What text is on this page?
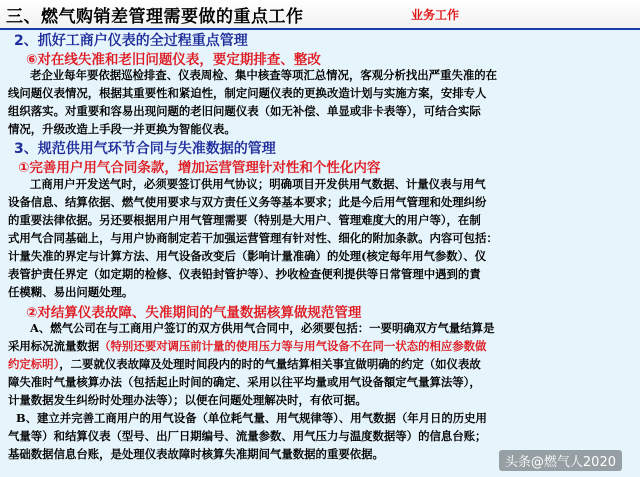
三、燃气购销差管理需要做的重点工作	业务工作
2、抓好工商户仪表的全过程重点管理
⑥对在线失准和老旧问题仪表，要定期排查、整改
老企业每年要依据巡检排查、仪表周检、集中核查等项汇总情况，客观分析找出严重失准的在
线问题仪表情况，根据其重要性和紧迫性，制定问题仪表的更换改造计划与实施方案，安排专人
组织落实。对重要和容易出现问题的老旧问题仪表（如无补偿、单显或非卡表等），可结合实际
情况，升级改造上手段一并更换为智能仪表。
3、规范供用气环节合同与失准数据的管理
①完善用户用气合同条款，增加运营管理针对性和个性化内容
工商用户开发送气时，必须要签订供用气协议；明确项目开发供用气数据、计量仪表与用气
设备信息、结算依据、燃气使用要求与双方责任义务等基本要求；此是今后用气管理和处理纠纷
的重要法律依据。另还要根据用户用气管理需要（特别是大用户、管理难度大的用户等），在制
式用气合同基础上，与用户协商制定若干加强运营管理有针对性、细化的附加条款。内容可包括：
计量失准的界定与计算方法、用气设备改变后（影响计量准确）的处理(核定每年用气参数）、仪
表管护责任界定（如定期的检修、仪表铅封管护等）、抄收检查便利提供等日常管理中遇到的責
任模糊、易出问题处理。
②对结算仪表故障、失准期间的气量数据核算做规范管理
A、燃气公司在与工商用户签订的双方供用气合同中，必须要包括：一要明确双方气量结算是
采用标况流量数据（特别还要对调压前计量的使用压力等与用气设备不在同一状态的相应参数做
约定标明），二要就仪表故障及处理时间段内的时的气量结算相关事宜做明确的约定（如仪表故
障失准时气量核算办法（包括起止时间的确定、采用以往平均量或用气设备額定气量算法等），
计量数据发生纠纷时处理办法等）；以便在问题处理解决时，有依可据。
B、建立并完善工商用户的用气设备（单位耗气量、用气规律等）、用气数据（年月日的历史用
气量等）和结算仪表（型号、出厂日期编号、流量参数、用气压力与温度数据等）的信息台账；
基础数据信息台账，是处理仪表故障时核算失准期间气量数据的重要依据。
头条@燃气人2020
